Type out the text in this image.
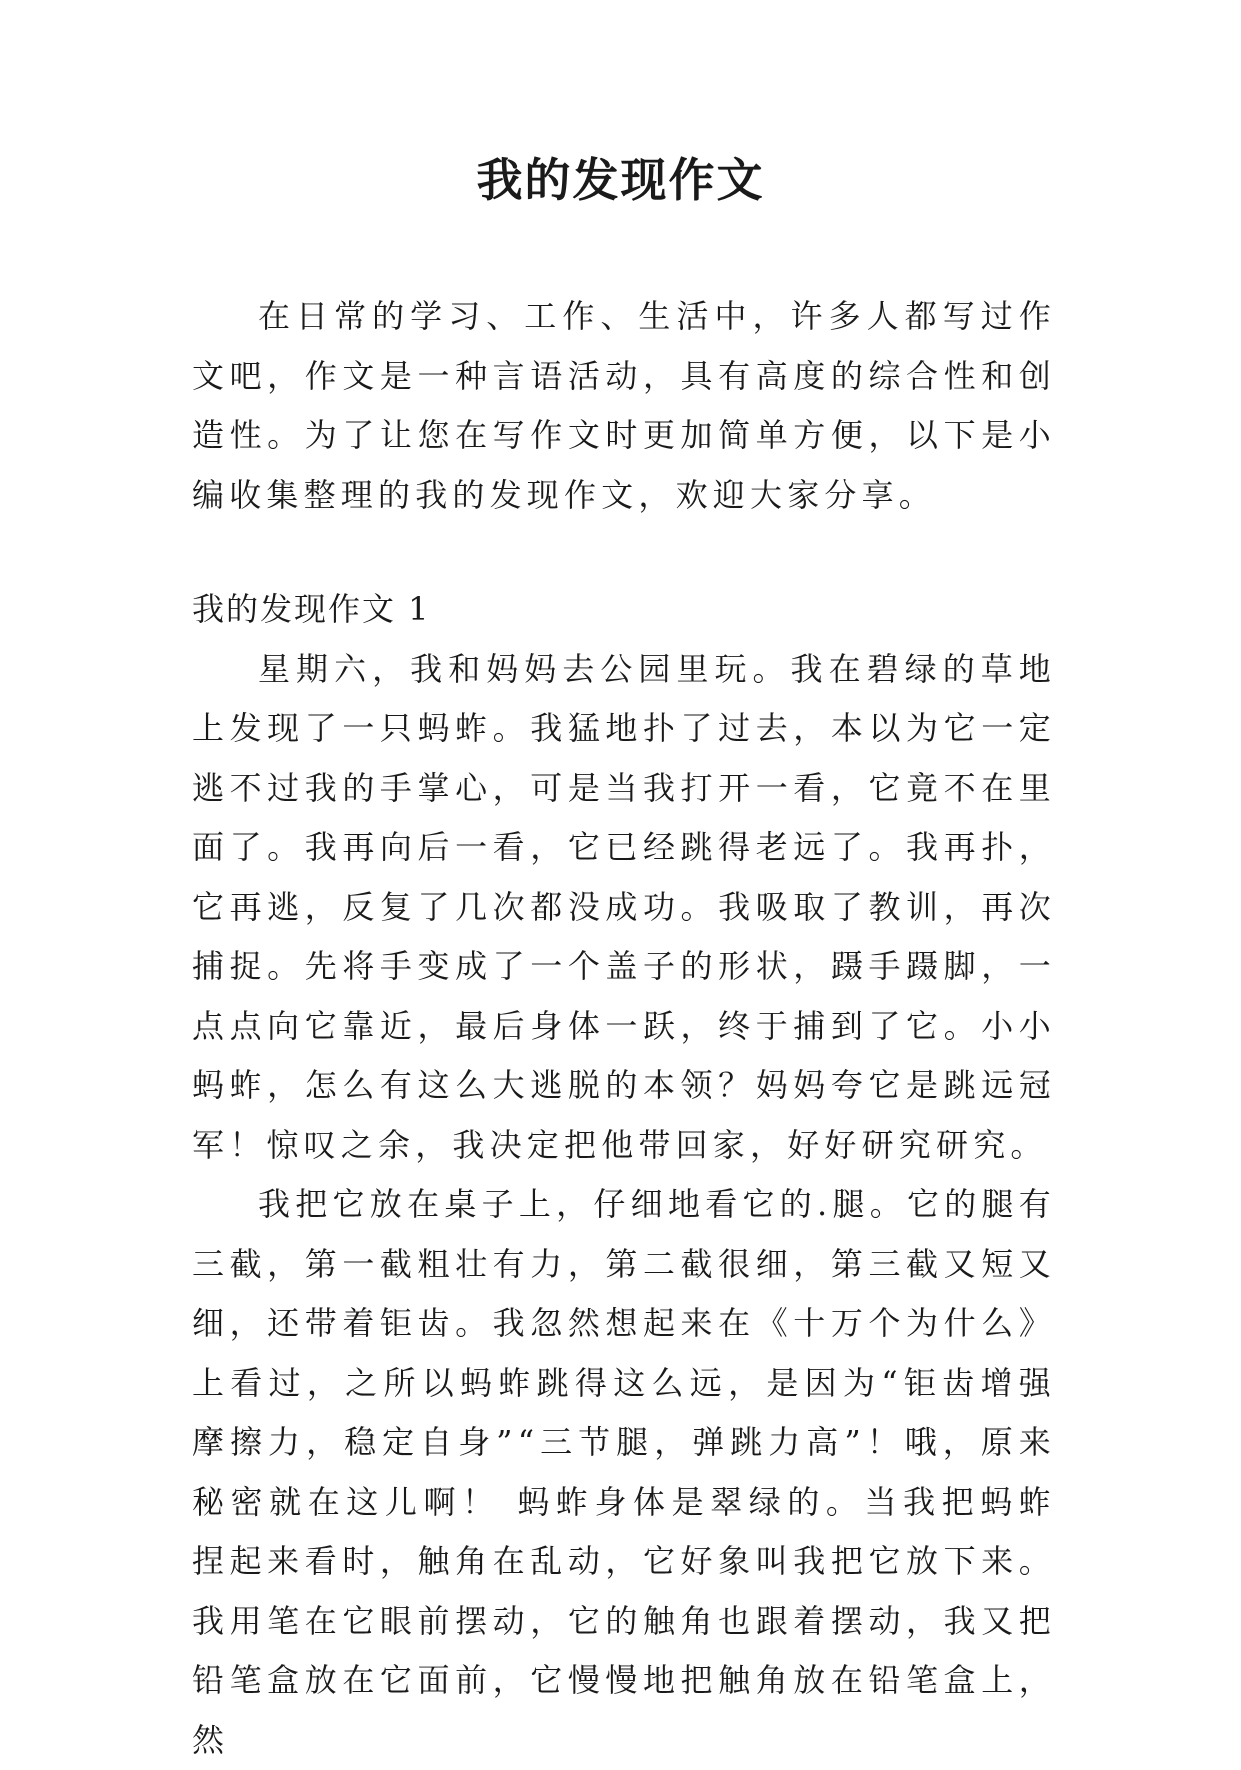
我的发现作文

在日常的学习、工作、生活中，许多人都写过作文吧，作文是一种言语活动，具有高度的综合性和创造性。为了让您在写作文时更加简单方便，以下是小编收集整理的我的发现作文，欢迎大家分享。

我的发现作文 1

星期六，我和妈妈去公园里玩。我在碧绿的草地上发现了一只蚂蚱。我猛地扑了过去，本以为它一定逃不过我的手掌心，可是当我打开一看，它竟不在里面了。我再向后一看，它已经跳得老远了。我再扑，它再逃，反复了几次都没成功。我吸取了教训，再次捕捉。先将手变成了一个盖子的形状，蹑手蹑脚，一点点向它靠近，最后身体一跃，终于捕到了它。小小蚂蚱，怎么有这么大逃脱的本领？妈妈夸它是跳远冠军！惊叹之余，我决定把他带回家，好好研究研究。

我把它放在桌子上，仔细地看它的.腿。它的腿有三截，第一截粗壮有力，第二截很细，第三截又短又细，还带着钜齿。我忽然想起来在《十万个为什么》上看过，之所以蚂蚱跳得这么远，是因为“钜齿增强摩擦力，稳定自身”“三节腿，弹跳力高”！哦，原来秘密就在这儿啊！ 蚂蚱身体是翠绿的。当我把蚂蚱捏起来看时，触角在乱动，它好象叫我把它放下来。我用笔在它眼前摆动，它的触角也跟着摆动，我又把铅笔盒放在它面前，它慢慢地把触角放在铅笔盒上，然
